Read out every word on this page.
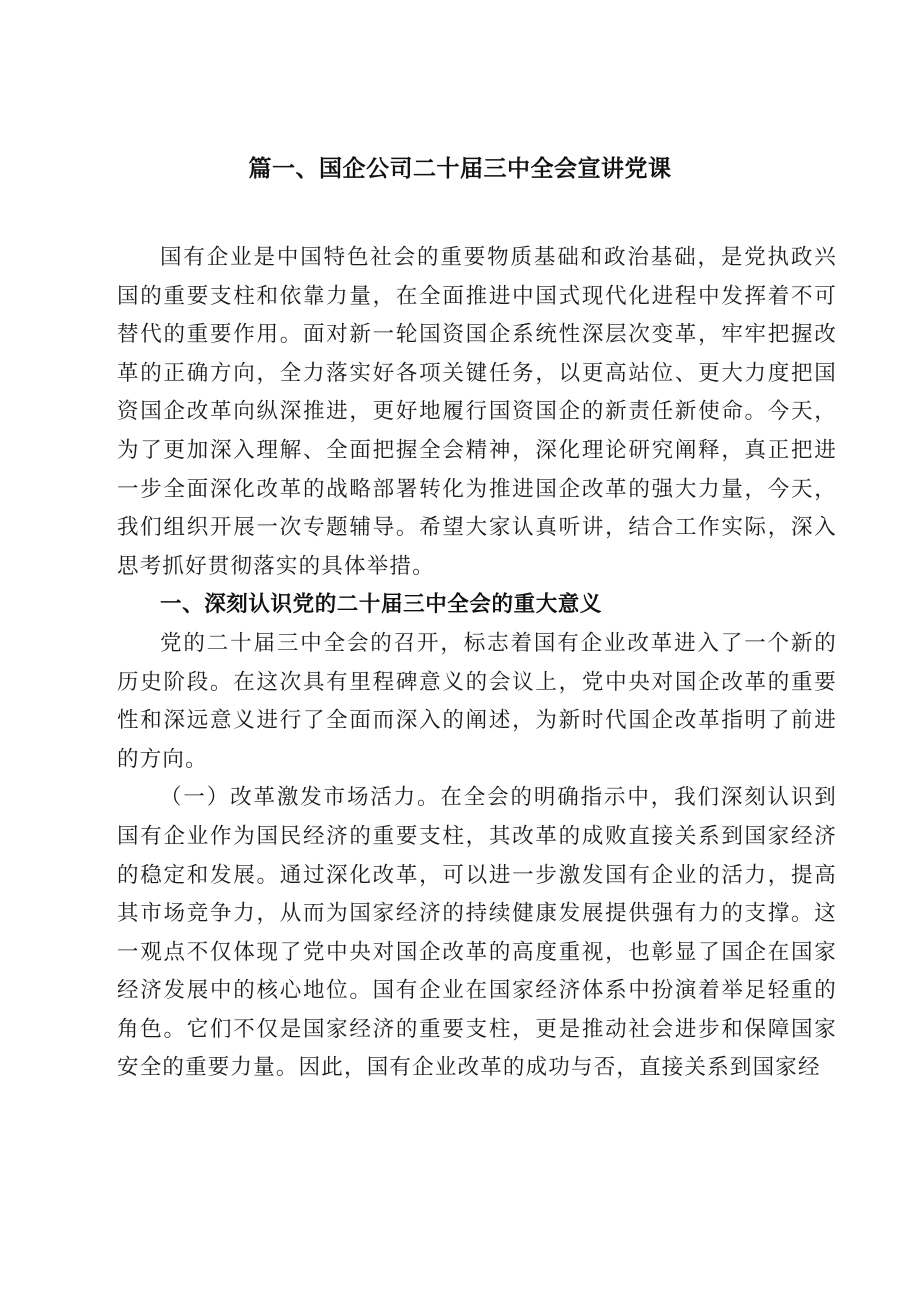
篇一、国企公司二十届三中全会宣讲党课

国有企业是中国特色社会的重要物质基础和政治基础，是党执政兴国的重要支柱和依靠力量，在全面推进中国式现代化进程中发挥着不可替代的重要作用。面对新一轮国资国企系统性深层次变革，牢牢把握改革的正确方向，全力落实好各项关键任务，以更高站位、更大力度把国资国企改革向纵深推进，更好地履行国资国企的新责任新使命。今天，为了更加深入理解、全面把握全会精神，深化理论研究阐释，真正把进一步全面深化改革的战略部署转化为推进国企改革的强大力量，今天，我们组织开展一次专题辅导。希望大家认真听讲，结合工作实际，深入思考抓好贯彻落实的具体举措。

一、深刻认识党的二十届三中全会的重大意义

党的二十届三中全会的召开，标志着国有企业改革进入了一个新的历史阶段。在这次具有里程碑意义的会议上，党中央对国企改革的重要性和深远意义进行了全面而深入的阐述，为新时代国企改革指明了前进的方向。

（一）改革激发市场活力。在全会的明确指示中，我们深刻认识到国有企业作为国民经济的重要支柱，其改革的成败直接关系到国家经济的稳定和发展。通过深化改革，可以进一步激发国有企业的活力，提高其市场竞争力，从而为国家经济的持续健康发展提供强有力的支撑。这一观点不仅体现了党中央对国企改革的高度重视，也彰显了国企在国家经济发展中的核心地位。国有企业在国家经济体系中扮演着举足轻重的角色。它们不仅是国家经济的重要支柱，更是推动社会进步和保障国家安全的重要力量。因此，国有企业改革的成功与否，直接关系到国家经
